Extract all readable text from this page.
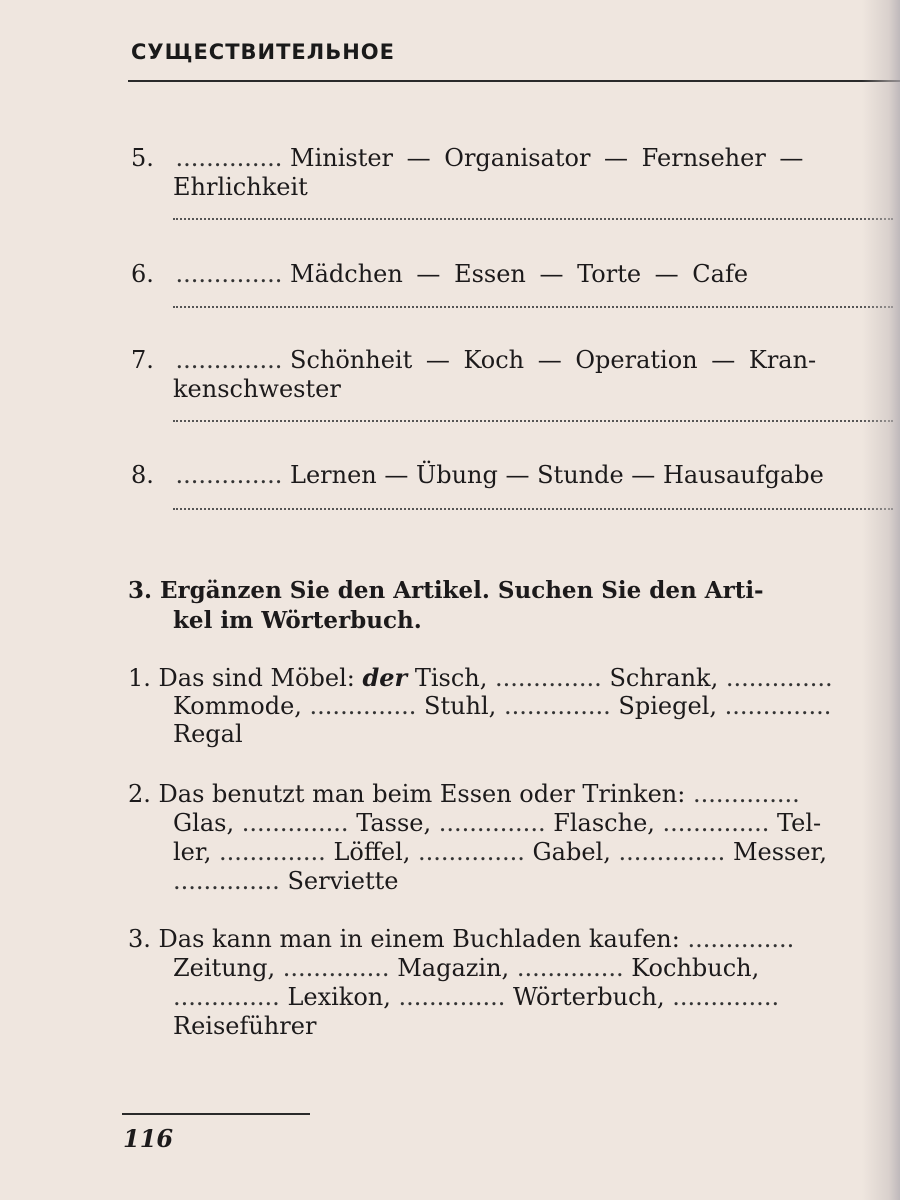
СУЩЕСТВИТЕЛЬНОЕ
5. .............. Minister — Organisator — Fernseher —
Ehrlichkeit
6. .............. Mädchen — Essen — Torte — Cafe
7. .............. Schönheit — Koch — Operation — Kran-
kenschwester
8. .............. Lernen — Übung — Stunde — Hausaufgabe
3. Ergänzen Sie den Artikel. Suchen Sie den Arti-
kel im Wörterbuch.
1. Das sind Möbel: der Tisch, .............. Schrank, ..............
Kommode, .............. Stuhl, .............. Spiegel, ..............
Regal
2. Das benutzt man beim Essen oder Trinken: ..............
Glas, .............. Tasse, .............. Flasche, .............. Tel-
ler, .............. Löffel, .............. Gabel, .............. Messer,
.............. Serviette
3. Das kann man in einem Buchladen kaufen: ..............
Zeitung, .............. Magazin, .............. Kochbuch,
.............. Lexikon, .............. Wörterbuch, ..............
Reiseführer
116
